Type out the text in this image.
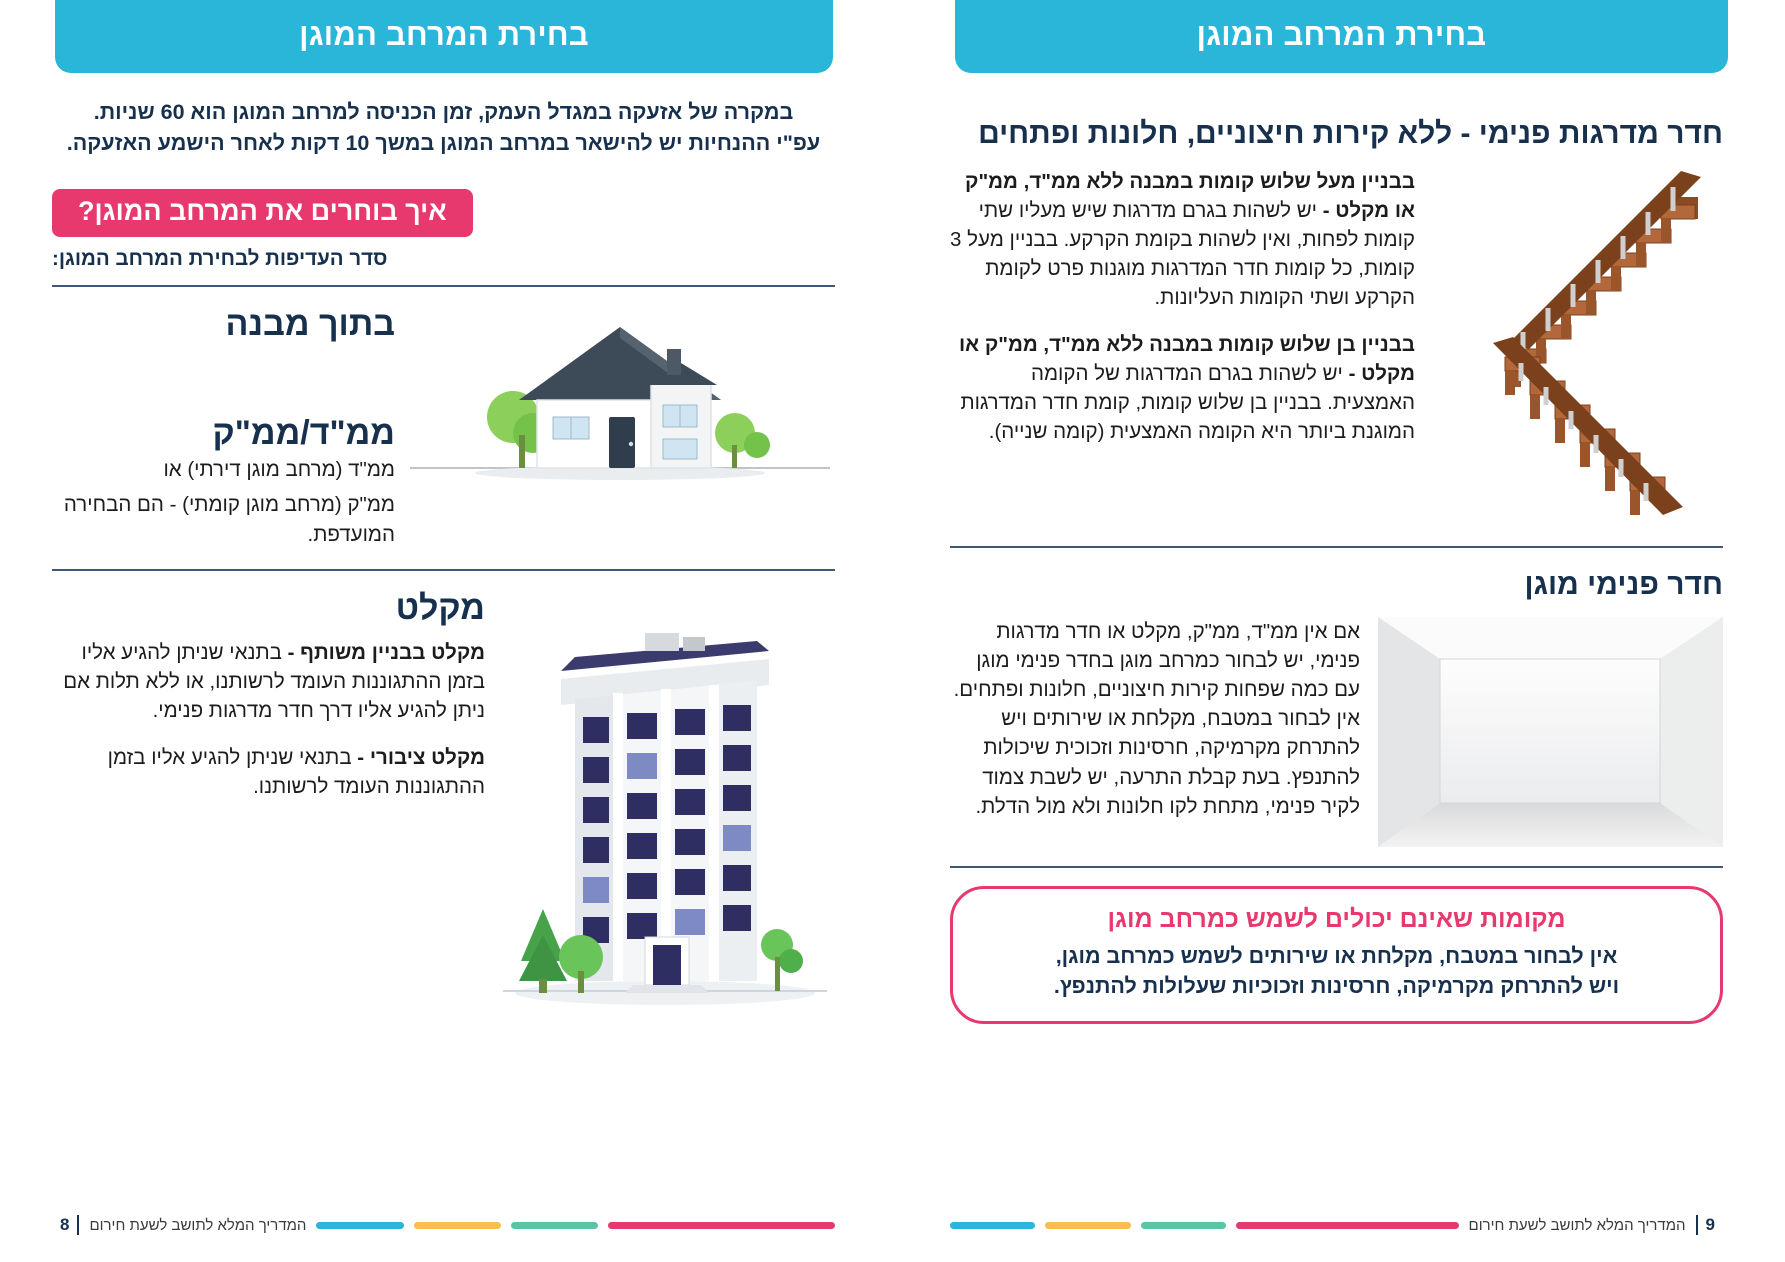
בחירת המרחב המוגן
חדר מדרגות פנימי - ללא קירות חיצוניים, חלונות ופתחים

בבניין מעל שלוש קומות במבנה ללא ממ"ד, ממ"ק או מקלט - יש לשהות בגרם מדרגות שיש מעליו שתי קומות לפחות, ואין לשהות בקומת הקרקע. בבניין מעל 3 קומות, כל קומות חדר המדרגות מוגנות פרט לקומת הקרקע ושתי הקומות העליונות.

בבניין בן שלוש קומות במבנה ללא ממ"ד, ממ"ק או מקלט - יש לשהות בגרם המדרגות של הקומה האמצעית. בבניין בן שלוש קומות, קומת חדר המדרגות המוגנת ביותר היא הקומה האמצעית (קומה שנייה).

חדר פנימי מוגן

אם אין ממ"ד, ממ"ק, מקלט או חדר מדרגות פנימי, יש לבחור כמרחב מוגן בחדר פנימי מוגן עם כמה שפחות קירות חיצוניים, חלונות ופתחים. אין לבחור במטבח, מקלחת או שירותים ויש להתרחק מקרמיקה, חרסינות וזכוכית שיכולות להתנפץ. בעת קבלת התרעה, יש לשבת צמוד לקיר פנימי, מתחת לקו חלונות ולא מול הדלת.

מקומות שאינם יכולים לשמש כמרחב מוגן
אין לבחור במטבח, מקלחת או שירותים לשמש כמרחב מוגן,
ויש להתרחק מקרמיקה, חרסינות וזכוכיות שעלולות להתנפץ.
9
המדריך המלא לתושב לשעת חירום
בחירת המרחב המוגן
במקרה של אזעקה במגדל העמק, זמן הכניסה למרחב המוגן הוא 60 שניות.
עפ"י ההנחיות יש להישאר במרחב המוגן במשך 10 דקות לאחר הישמע האזעקה.
איך בוחרים את המרחב המוגן?
סדר העדיפות לבחירת המרחב המוגן:
בתוך מבנה
ממ"ד/ממ"ק
ממ"ד (מרחב מוגן דירתי) או
ממ"ק (מרחב מוגן קומתי) - הם הבחירה המועדפת.
מקלט

מקלט בבניין משותף - בתנאי שניתן להגיע אליו בזמן ההתגוננות העומד לרשותנו, או ללא תלות אם ניתן להגיע אליו דרך חדר מדרגות פנימי.

מקלט ציבורי - בתנאי שניתן להגיע אליו בזמן ההתגוננות העומד לרשותנו.

8	המדריך המלא לתושב לשעת חירום
